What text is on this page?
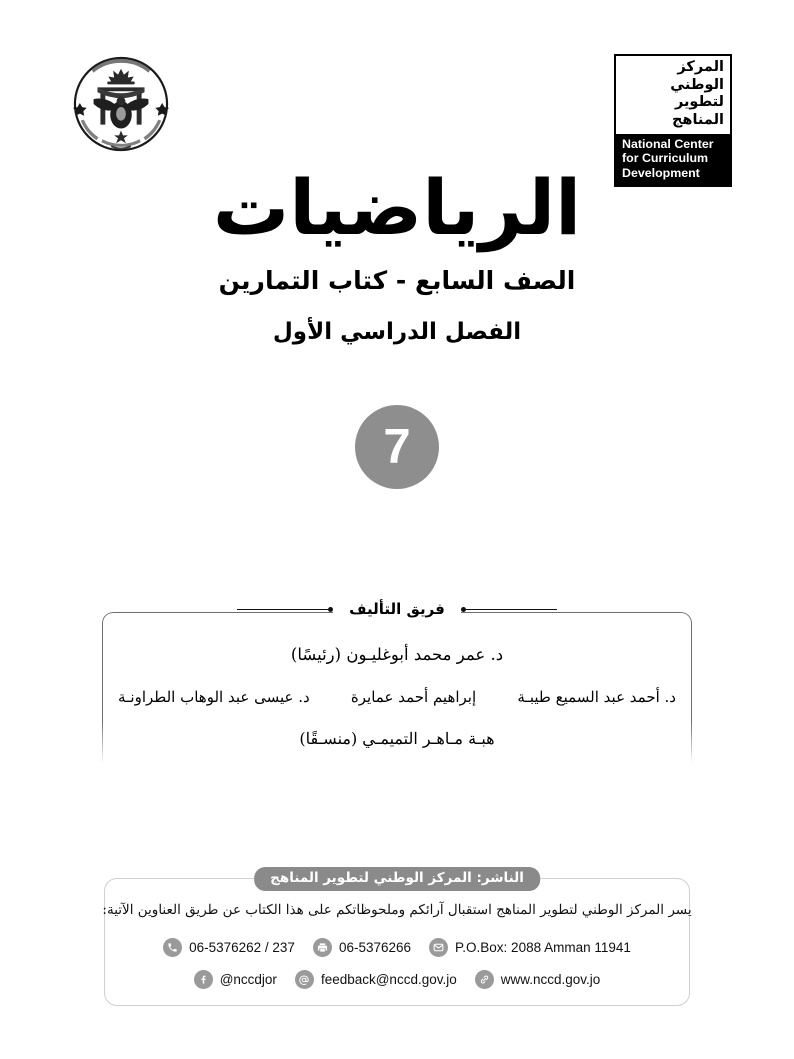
المركز الوطني
لتطوير المناهج
National Center
for Curriculum
Development
الرياضيات
الصف السابع - كتاب التمارين
الفصل الدراسي الأول
7
فريق التأليف
د. عمر محمد أبوغليـون (رئيسًا)
د. أحمد عبد السميع طيبـة
إبراهيم أحمد عمايرة
د. عيسى عبد الوهاب الطراونـة
هبـة مـاهـر التميمـي (منسـقًا)
الناشر: المركز الوطني لتطوير المناهج
يسر المركز الوطني لتطوير المناهج استقبال آرائكم وملحوظاتكم على هذا الكتاب عن طريق العناوين الآتية:
06-5376262 / 237	06-5376266	P.O.Box: 2088 Amman 11941
@nccdjor	feedback@nccd.gov.jo	www.nccd.gov.jo
